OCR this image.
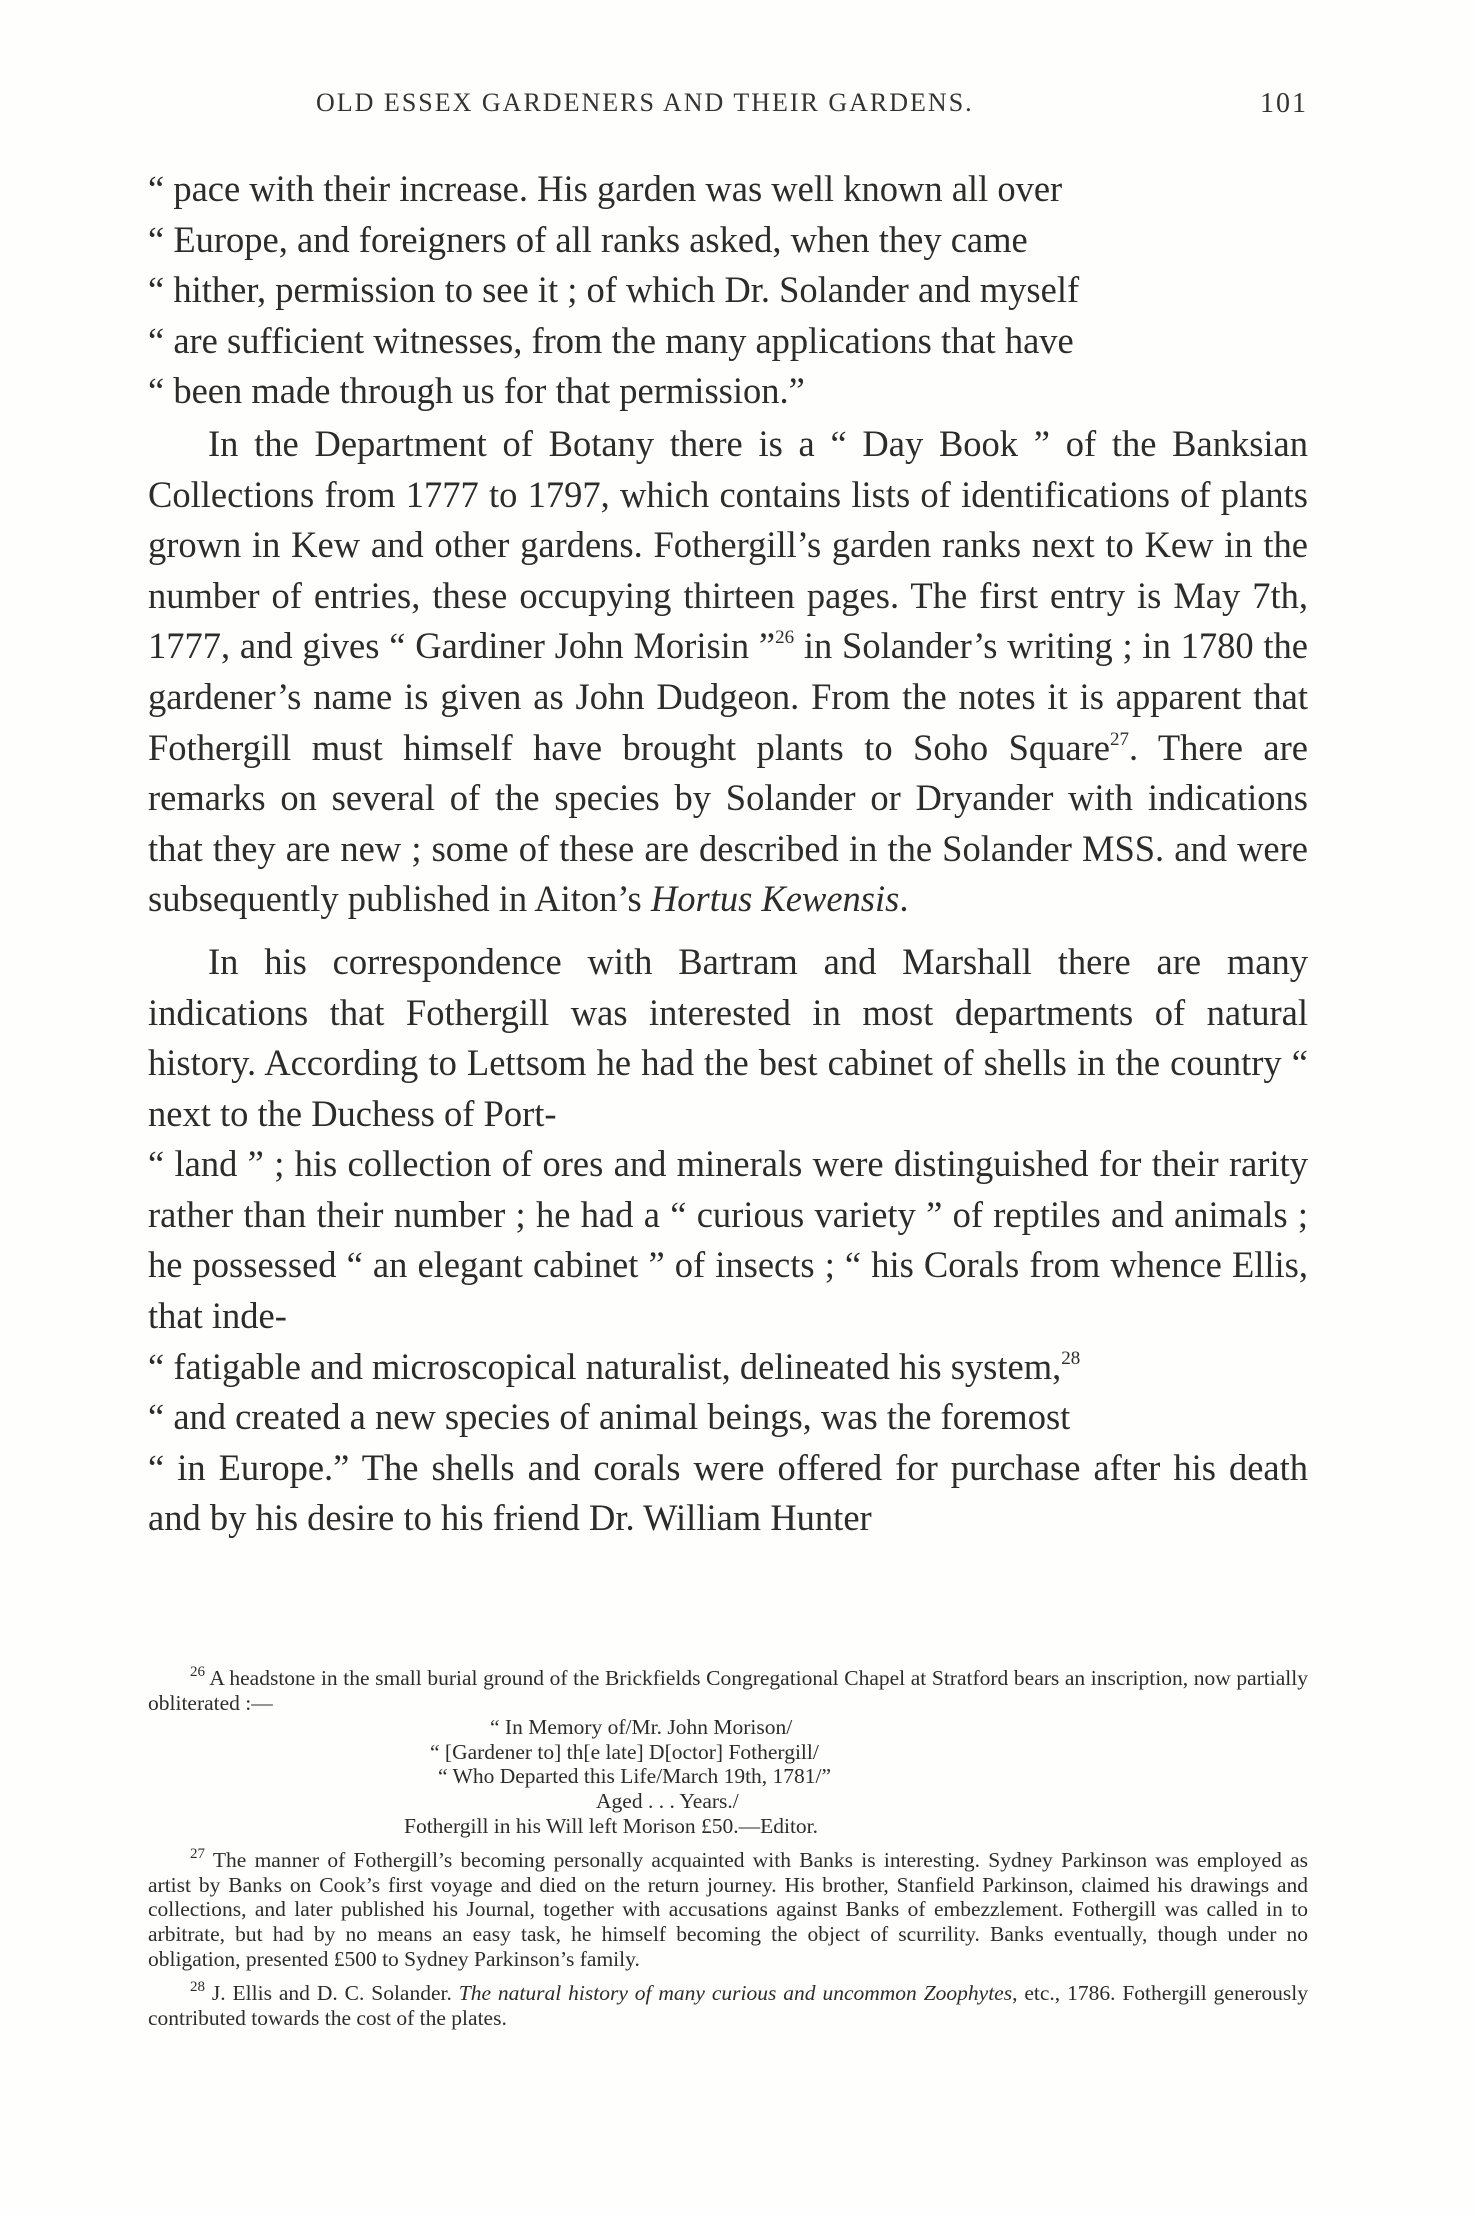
OLD ESSEX GARDENERS AND THEIR GARDENS.	101

“ pace with their increase. His garden was well known all over
“ Europe, and foreigners of all ranks asked, when they came
“ hither, permission to see it ; of which Dr. Solander and myself
“ are sufficient witnesses, from the many applications that have
“ been made through us for that permission.”

In the Department of Botany there is a “ Day Book ” of the Banksian Collections from 1777 to 1797, which contains lists of identifications of plants grown in Kew and other gardens. Fothergill’s garden ranks next to Kew in the number of entries, these occupying thirteen pages. The first entry is May 7th, 1777, and gives “ Gardiner John Morisin ”$^{26}$ in Solander’s writing ; in 1780 the gardener’s name is given as John Dudgeon. From the notes it is apparent that Fothergill must himself have brought plants to Soho Square$^{27}$. There are remarks on several of the species by Solander or Dryander with indications that they are new ; some of these are described in the Solander MSS. and were subsequently published in Aiton’s Hortus Kewensis.

In his correspondence with Bartram and Marshall there are many indications that Fothergill was interested in most departments of natural history. According to Lettsom he had the best cabinet of shells in the country “ next to the Duchess of Port-
“ land ” ; his collection of ores and minerals were distinguished for their rarity rather than their number ; he had a “ curious variety ” of reptiles and animals ; he possessed “ an elegant cabinet ” of insects ; “ his Corals from whence Ellis, that inde-
“ fatigable and microscopical naturalist, delineated his system,$^{28}$
“ and created a new species of animal beings, was the foremost
“ in Europe.” The shells and corals were offered for purchase after his death and by his desire to his friend Dr. William Hunter

$^{26}$ A headstone in the small burial ground of the Brickfields Congregational Chapel at Stratford bears an inscription, now partially obliterated :—
“ In Memory of/Mr. John Morison/
“ [Gardener to] th[e late] D[octor] Fothergill/
“ Who Departed this Life/March 19th, 1781/”
Aged . . . Years./
Fothergill in his Will left Morison £50.—Editor.
$^{27}$ The manner of Fothergill’s becoming personally acquainted with Banks is interesting. Sydney Parkinson was employed as artist by Banks on Cook’s first voyage and died on the return journey. His brother, Stanfield Parkinson, claimed his drawings and collections, and later published his Journal, together with accusations against Banks of embezzlement. Fothergill was called in to arbitrate, but had by no means an easy task, he himself becoming the object of scurrility. Banks eventually, though under no obligation, presented £500 to Sydney Parkinson’s family.
$^{28}$ J. Ellis and D. C. Solander. The natural history of many curious and uncommon Zoophytes, etc., 1786. Fothergill generously contributed towards the cost of the plates.
